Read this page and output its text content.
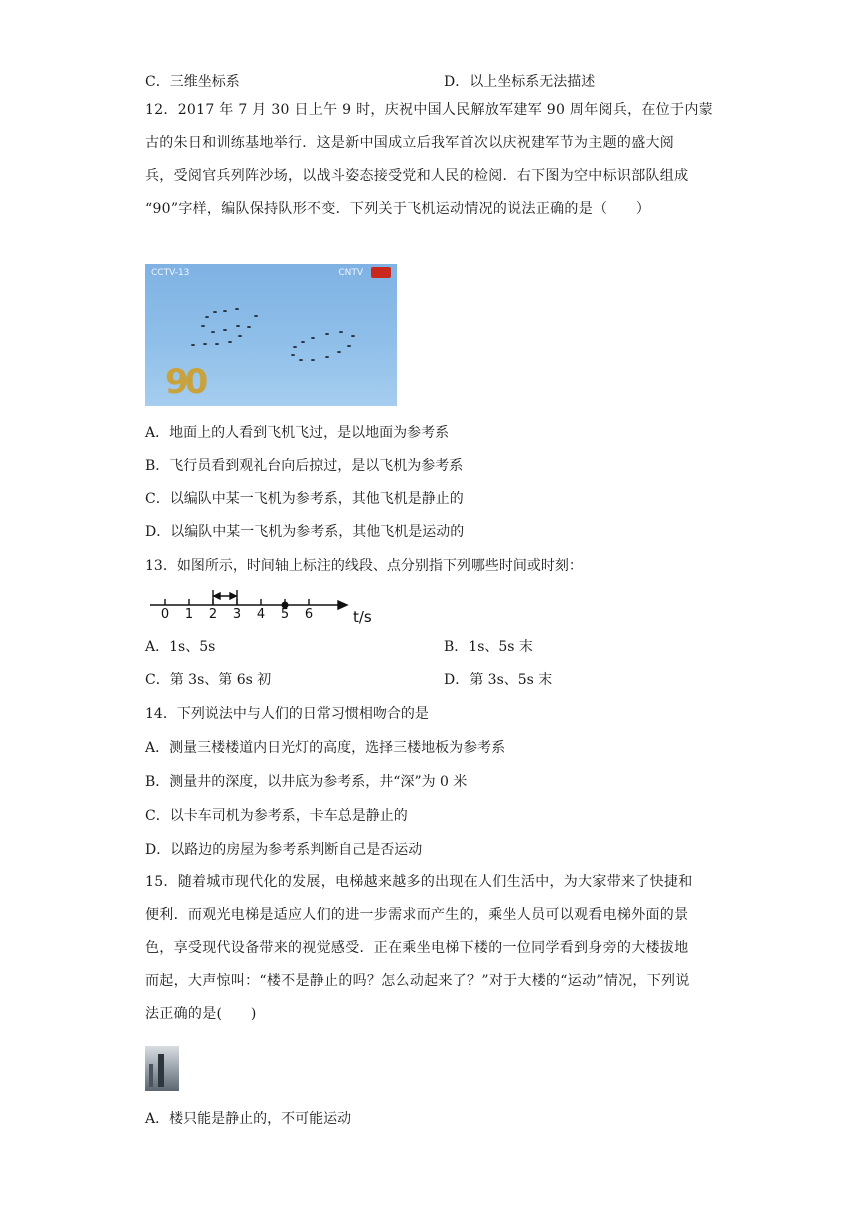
C．三维坐标系	D．以上坐标系无法描述
12．2017 年 7 月 30 日上午 9 时，庆祝中国人民解放军建军 90 周年阅兵，在位于内蒙
古的朱日和训练基地举行．这是新中国成立后我军首次以庆祝建军节为主题的盛大阅
兵，受阅官兵列阵沙场，以战斗姿态接受党和人民的检阅．右下图为空中标识部队组成
“90”字样，编队保持队形不变．下列关于飞机运动情况的说法正确的是（　　）
CCTV-13	CNTV
90
A．地面上的人看到飞机飞过，是以地面为参考系
B．飞行员看到观礼台向后掠过，是以飞机为参考系
C．以编队中某一飞机为参考系，其他飞机是静止的
D．以编队中某一飞机为参考系，其他飞机是运动的
13．如图所示，时间轴上标注的线段、点分别指下列哪些时间或时刻：
0 1 2 3 4 5 6	t/s
A．1s、5s	B．1s、5s 末
C．第 3s、第 6s 初	D．第 3s、5s 末
14．下列说法中与人们的日常习惯相吻合的是
A．测量三楼楼道内日光灯的高度，选择三楼地板为参考系
B．测量井的深度，以井底为参考系，井“深”为 0 米
C．以卡车司机为参考系，卡车总是静止的
D．以路边的房屋为参考系判断自己是否运动
15．随着城市现代化的发展，电梯越来越多的出现在人们生活中，为大家带来了快捷和
便利．而观光电梯是适应人们的进一步需求而产生的，乘坐人员可以观看电梯外面的景
色，享受现代设备带来的视觉感受．正在乘坐电梯下楼的一位同学看到身旁的大楼拔地
而起，大声惊叫：“楼不是静止的吗？怎么动起来了？”对于大楼的“运动”情况，下列说
法正确的是(　　)
A．楼只能是静止的，不可能运动
